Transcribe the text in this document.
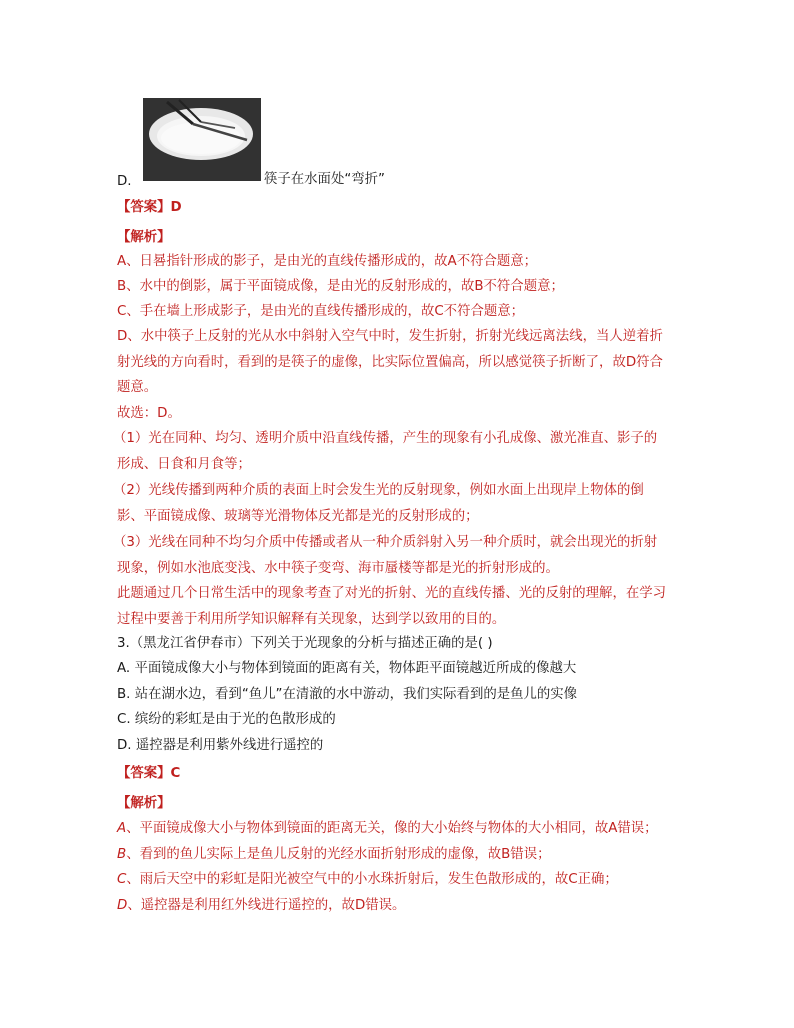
D.	筷子在水面处“弯折”
【答案】D
【解析】
A、日晷指针形成的影子，是由光的直线传播形成的，故A不符合题意；
B、水中的倒影，属于平面镜成像，是由光的反射形成的，故B不符合题意；
C、手在墙上形成影子，是由光的直线传播形成的，故C不符合题意；
D、水中筷子上反射的光从水中斜射入空气中时，发生折射，折射光线远离法线，当人逆着折
射光线的方向看时，看到的是筷子的虚像，比实际位置偏高，所以感觉筷子折断了，故D符合
题意。
故选：D。
（1）光在同种、均匀、透明介质中沿直线传播，产生的现象有小孔成像、激光准直、影子的
形成、日食和月食等；
（2）光线传播到两种介质的表面上时会发生光的反射现象，例如水面上出现岸上物体的倒
影、平面镜成像、玻璃等光滑物体反光都是光的反射形成的；
（3）光线在同种不均匀介质中传播或者从一种介质斜射入另一种介质时，就会出现光的折射
现象，例如水池底变浅、水中筷子变弯、海市蜃楼等都是光的折射形成的。
此题通过几个日常生活中的现象考查了对光的折射、光的直线传播、光的反射的理解，在学习
过程中要善于利用所学知识解释有关现象，达到学以致用的目的。
3.（黑龙江省伊春市）下列关于光现象的分析与描述正确的是( )
A. 平面镜成像大小与物体到镜面的距离有关，物体距平面镜越近所成的像越大
B. 站在湖水边，看到“鱼儿”在清澈的水中游动，我们实际看到的是鱼儿的实像
C. 缤纷的彩虹是由于光的色散形成的
D. 遥控器是利用紫外线进行遥控的
【答案】C
【解析】
A、平面镜成像大小与物体到镜面的距离无关，像的大小始终与物体的大小相同，故A错误；
B、看到的鱼儿实际上是鱼儿反射的光经水面折射形成的虚像，故B错误；
C、雨后天空中的彩虹是阳光被空气中的小水珠折射后，发生色散形成的，故C正确；
D、遥控器是利用红外线进行遥控的，故D错误。
